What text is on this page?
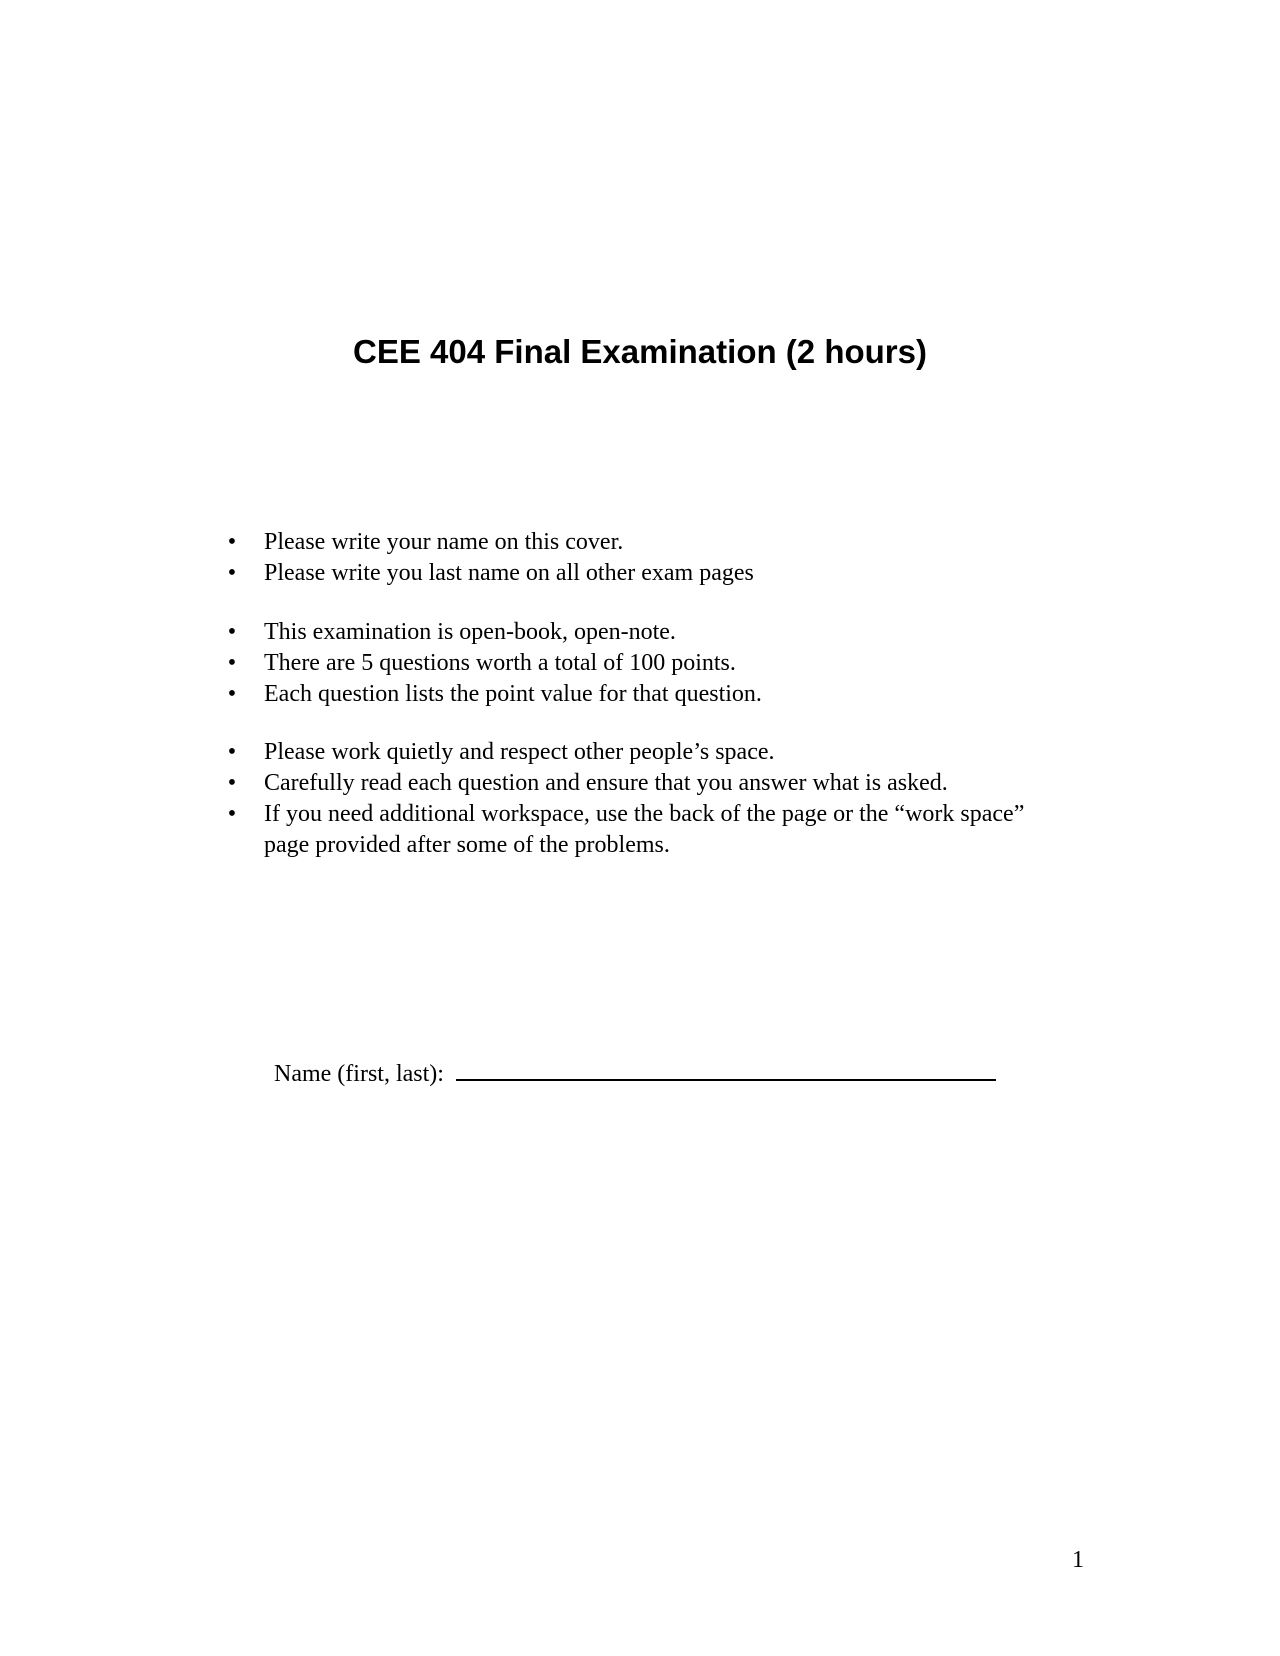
CEE 404 Final Examination (2 hours)
• Please write your name on this cover.
• Please write you last name on all other exam pages
• This examination is open-book, open-note.
• There are 5 questions worth a total of 100 points.
• Each question lists the point value for that question.
• Please work quietly and respect other people’s space.
• Carefully read each question and ensure that you answer what is asked.
• If you need additional workspace, use the back of the page or the “work space” page provided after some of the problems.
Name (first, last):
1
